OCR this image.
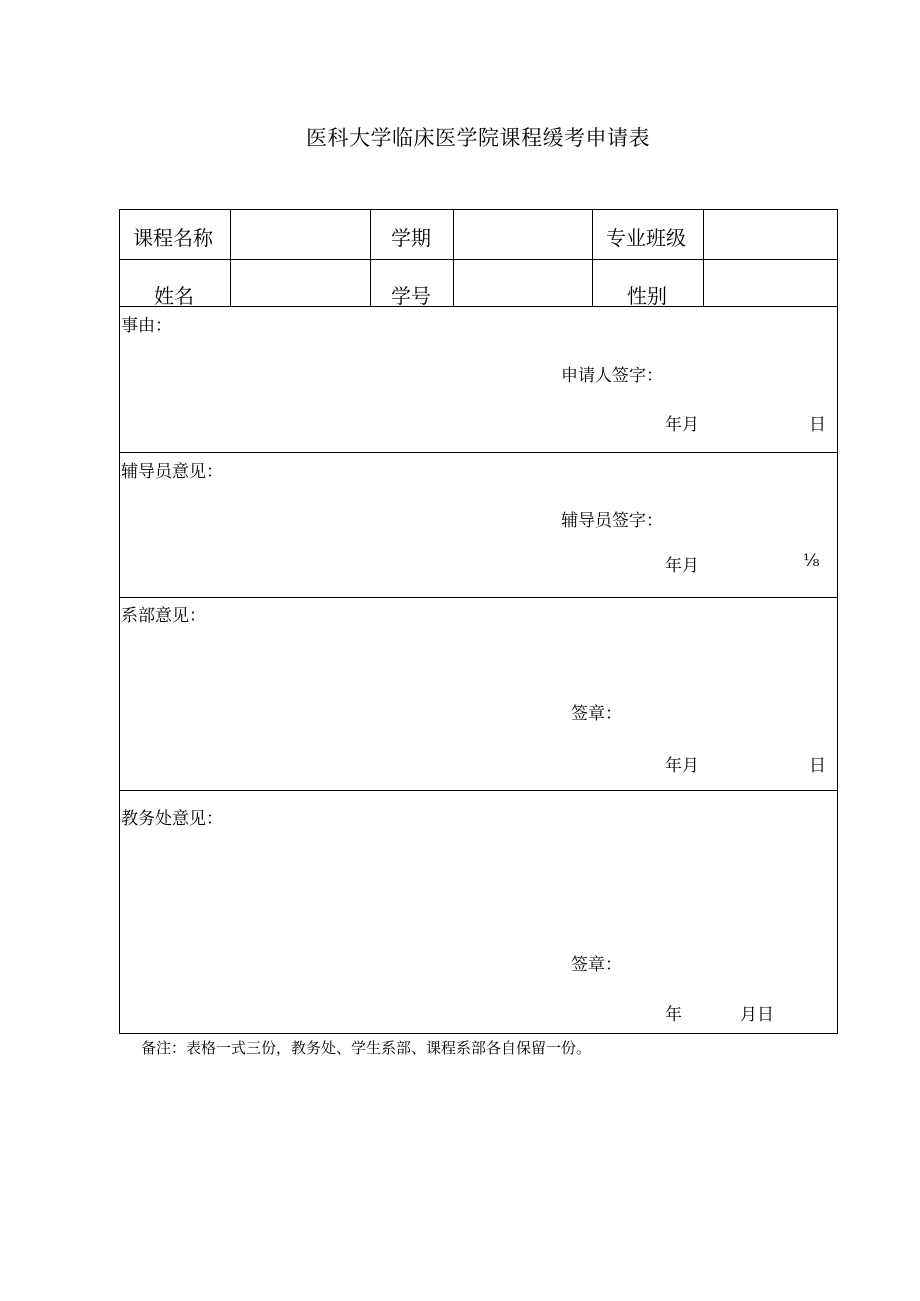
医科大学临床医学院课程缓考申请表
课程名称	学期	专业班级
姓名	学号	性别
事由：
申请人签字：
年月	日
辅导员意见：
辅导员签字：
年月	⅛
系部意见：
签章：
年月	日
教务处意见：
签章：
年	月日
备注：表格一式三份，教务处、学生系部、课程系部各自保留一份。
